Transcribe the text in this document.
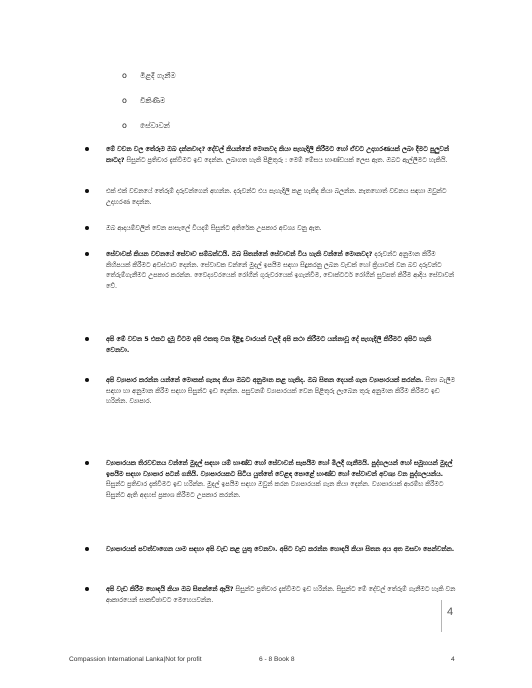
o මිළදී ගැනීම
o විකිණීම
o සේවාවන්
මේ වචන වල තේරුම ඔබ දන්නවාද? දේවල් කියන්නේ මොනවද කියා පැහැදිලි කිරීමට හෝ ඒවට උදාහරණයක් ලබා දීමට පුලුවන් කාටද? සිසුන්ට ප්‍රතිචාර දැක්වීමට ඉඩ දෙන්න. ලබාගත හැකි පිළිතුරු : මෙම් මේසය භාණ්ඩයක් ලෙස ඇත. ඔබට ඇල්ලීමට හැකියි.
එක් එක් වචනයේ තේරුම් දරුවන්ගෙන් අහන්න. දරුවන්ට එය පැහැදිලි කළ හැකිද කියා බලන්න. නැතහොත් වචනය සඳහා ඔවුන්ට උදාහරණ දෙන්න.
ඔබ ආදායම්වලින් වෙන පාසැලේ වියදම් සිසුන්ට අතිරේක උපකාර අවශ්‍ය වනු ඇත.
සේවාවක් කියන වචනයේ සේවාව සම්බන්ධයි. ඔබ සිතන්නේ සේවාවන් විය හැකි වන්නේ මොනවද? දරුවන්ට අනුමාන කිරීම කිහිපයක් කිරීමට අවස්ථාව දෙන්න. සේවාවක වන්නේ මුදල් ඉපයීම සඳහා සිදුකරනු ලබන වැඩක් හෝ ක්‍රියාවක් වන බව දරුවන්ට තේරුම්ගැනීමට උපකාර කරන්න. වෛද්‍යවරයෙක් රෝගීන් ගුරුවරයෙක් ඉගැන්වීම, ඩොක්ටර්ට රෝගීන් සුවපත් කිරීම ආදිය සේවාවන් වේ.
අපි මේ වචන 5 එකට දැමූ විටම අපි එකතු වන දිළිඳු වාරයන් වලදී අපි කථා කිරීමට යන්නාවූ දේ පැහැදිලි කිරීමට අපිට හැකි වෙනවා.
අපි ව්‍යාපාර කරන්න යන්නේ මොකක් ගැනද කියා ඔබට අනුමාන කළ හැකිද. ඔබ සිතන දෙයක් ගැන ව්‍යාපාරයක් කරන්න. සිතා බැලීම සඳහා හා අනුමාන කිරීම සඳහා සිසුන්ට ඉඩ දෙන්න. පසුවනම් ව්‍යාපාරයක් වෙන පිළිතුරු ලැබෙන තුරු අනුමාන කිරීම කිරීමට ඉඩ හරින්න. ව්‍යාපාර.
ව්‍යාපාරයක තිරවචනය වන්නේ මුදල් සඳහා යම් භාණ්ඩ හෝ සේවාවන් සැපයීම හෝ මිලදී ගැනීමයි. පුද්ගලයන් හෝ සමූහයන් මුදල් ඉපයීම සඳහා ව්‍යාපාර පටන් ගනියි. ව්‍යාපාරයකට සිටිය යුත්තේ වෙළඳ පොළේ භාණ්ඩ හෝ සේවාවන් අවශ්‍ය වන පුද්ගලයන්ය. සිසුන්ට ප්‍රතිචාර දැක්වීමට ඉඩ හරින්න. මුදල් ඉපයීම සඳහා ඔවුන් කරන ව්‍යාපාරයක් ගැන කියා දෙන්න. ව්‍යාපාරයක් ආරම්භ කිරීමට සිසුන්ට ඇති අදහස් ප්‍රකාශ කිරීමට උපකාර කරන්න.
ව්‍යාපාරයක් පවත්වාගෙන යාම සඳහා අපි වැඩ කළ යුතු වෙනවා. අපිට වැඩ කරන්න හොඳයි කියා සිතන අය අත ඔසවා පෙන්වන්න.
අපි වැඩ කිරීම හොඳයි කියා ඔබ සිතන්නේ ඇයි? සිසුන්ට ප්‍රතිචාර දැක්වීමට ඉඩ හරින්න. සිසුන්ට මේ දේවල් තේරුම් ගැනීමට හැකි වන ආකාරයෙන් සාකච්ඡාවට මෙහෙයවන්න.
4
Compassion International Lanka|Not for profit	6 - 8 Book 8	4
